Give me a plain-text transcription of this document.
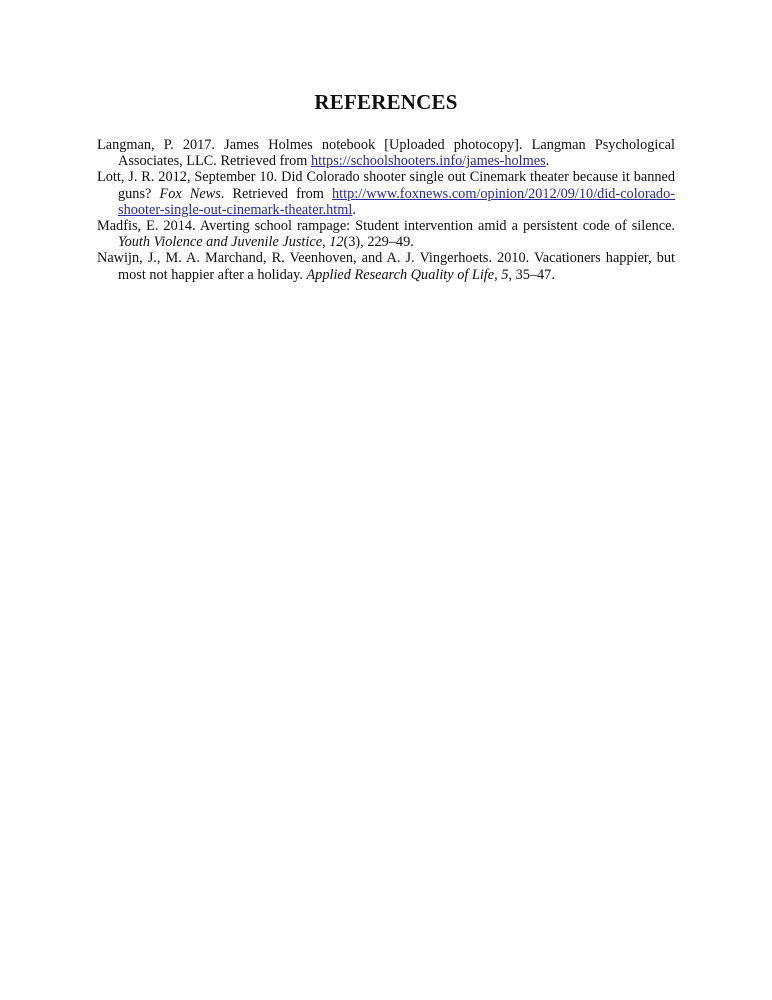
REFERENCES
Langman, P. 2017. James Holmes notebook [Uploaded photocopy]. Langman Psychological Associates, LLC. Retrieved from https://schoolshooters.info/james-holmes.
Lott, J. R. 2012, September 10. Did Colorado shooter single out Cinemark theater because it banned guns? Fox News. Retrieved from http://www.foxnews.com/opinion/2012/09/10/did-colorado-shooter-single-out-cinemark-theater.html.
Madfis, E. 2014. Averting school rampage: Student intervention amid a persistent code of silence. Youth Violence and Juvenile Justice, 12(3), 229–49.
Nawijn, J., M. A. Marchand, R. Veenhoven, and A. J. Vingerhoets. 2010. Vacationers happier, but most not happier after a holiday. Applied Research Quality of Life, 5, 35–47.
